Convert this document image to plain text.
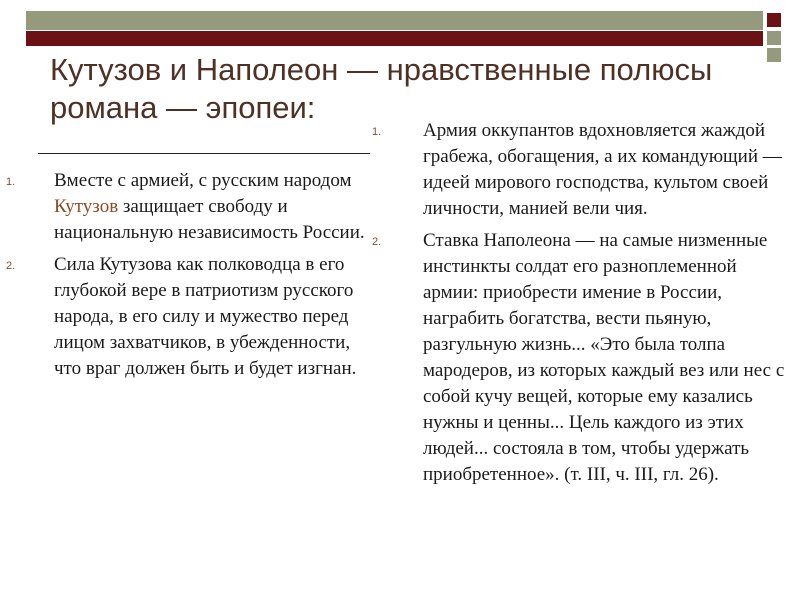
Кутузов и Наполеон — нравственные полюсы романа — эпопеи:
1. Вместе с армией, с русским народом Кутузов защищает свободу и национальную независимость России.
2. Сила Кутузова как полководца в его глубокой вере в патриотизм русского народа, в его силу и мужество перед лицом захватчиков, в убежденности, что враг должен быть и будет изгнан.
1. Армия оккупантов вдохновляется жаждой грабежа, обогащения, а их командующий — идеей мирового господства, культом своей личности, манией вели чия.
2. Ставка Наполеона — на самые низменные инстинкты солдат его разноплеменной армии: приобрести имение в России, награбить богатства, вести пьяную, разгульную жизнь... «Это была толпа мародеров, из которых каждый вез или нес с собой кучу вещей, которые ему казались нужны и ценны... Цель каждого из этих людей... состояла в том, чтобы удержать приобретенное». (т. III, ч. III, гл. 26).
